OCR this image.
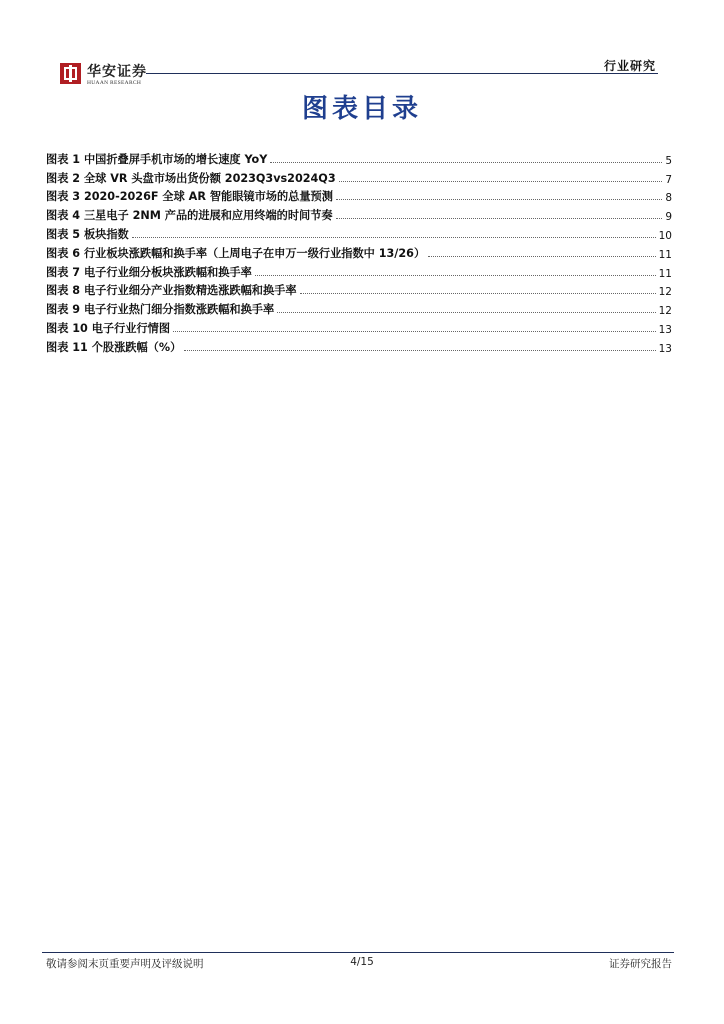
华安证券
HUAAN RESEARCH
行业研究
图表目录
图表 1 中国折叠屏手机市场的增长速度 YoY	5
图表 2 全球 VR 头盘市场出货份额 2023Q3vs2024Q3	7
图表 3 2020-2026F 全球 AR 智能眼镜市场的总量预测	8
图表 4 三星电子 2NM 产品的进展和应用终端的时间节奏	9
图表 5 板块指数	10
图表 6 行业板块涨跌幅和换手率（上周电子在申万一级行业指数中 13/26）	11
图表 7 电子行业细分板块涨跌幅和换手率	11
图表 8 电子行业细分产业指数精选涨跌幅和换手率	12
图表 9 电子行业热门细分指数涨跌幅和换手率	12
图表 10 电子行业行情图	13
图表 11 个股涨跌幅（%）	13
敬请参阅末页重要声明及评级说明	4/15	证券研究报告
